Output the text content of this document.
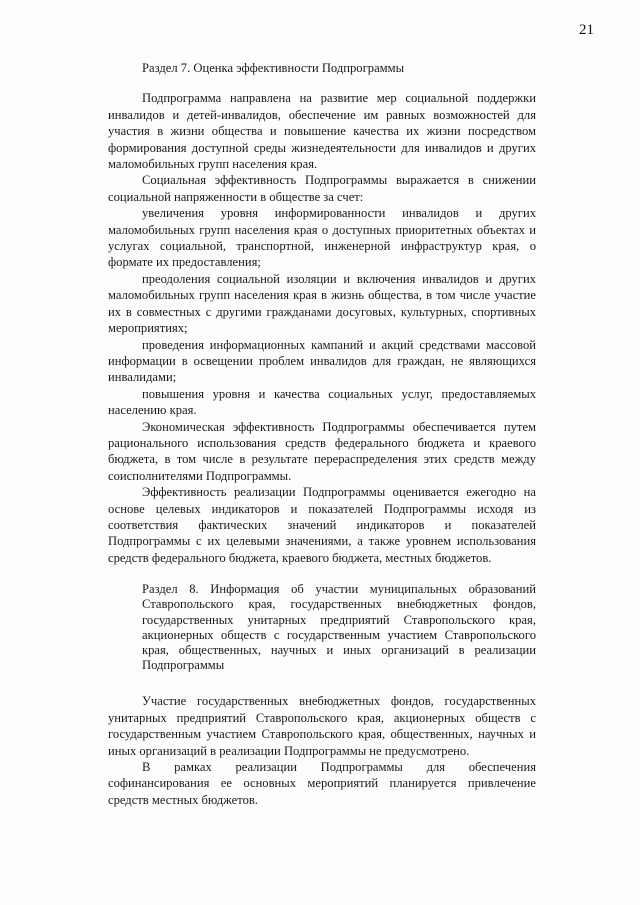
21
Раздел 7. Оценка эффективности Подпрограммы

Подпрограмма направлена на развитие мер социальной поддержки инвалидов и детей-инвалидов, обеспечение им равных возможностей для участия в жизни общества и повышение качества их жизни посредством формирования доступной среды жизнедеятельности для инвалидов и других маломобильных групп населения края.

Социальная эффективность Подпрограммы выражается в снижении социальной напряженности в обществе за счет:

увеличения уровня информированности инвалидов и других маломобильных групп населения края о доступных приоритетных объектах и услугах социальной, транспортной, инженерной инфраструктур края, о формате их предоставления;

преодоления социальной изоляции и включения инвалидов и других маломобильных групп населения края в жизнь общества, в том числе участие их в совместных с другими гражданами досуговых, культурных, спортивных мероприятиях;

проведения информационных кампаний и акций средствами массовой информации в освещении проблем инвалидов для граждан, не являющихся инвалидами;

повышения уровня и качества социальных услуг, предоставляемых населению края.

Экономическая эффективность Подпрограммы обеспечивается путем рационального использования средств федерального бюджета и краевого бюджета, в том числе в результате перераспределения этих средств между соисполнителями Подпрограммы.

Эффективность реализации Подпрограммы оценивается ежегодно на основе целевых индикаторов и показателей Подпрограммы исходя из соответствия фактических значений индикаторов и показателей Подпрограммы с их целевыми значениями, а также уровнем использования средств федерального бюджета, краевого бюджета, местных бюджетов.

Раздел 8. Информация об участии муниципальных образований Ставропольского края, государственных внебюджетных фондов, государственных унитарных предприятий Ставропольского края, акционерных обществ с государственным участием Ставропольского края, общественных, научных и иных организаций в реализации Подпрограммы

Участие государственных внебюджетных фондов, государственных унитарных предприятий Ставропольского края, акционерных обществ с государственным участием Ставропольского края, общественных, научных и иных организаций в реализации Подпрограммы не предусмотрено.

В рамках реализации Подпрограммы для обеспечения софинансирования ее основных мероприятий планируется привлечение средств местных бюджетов.
